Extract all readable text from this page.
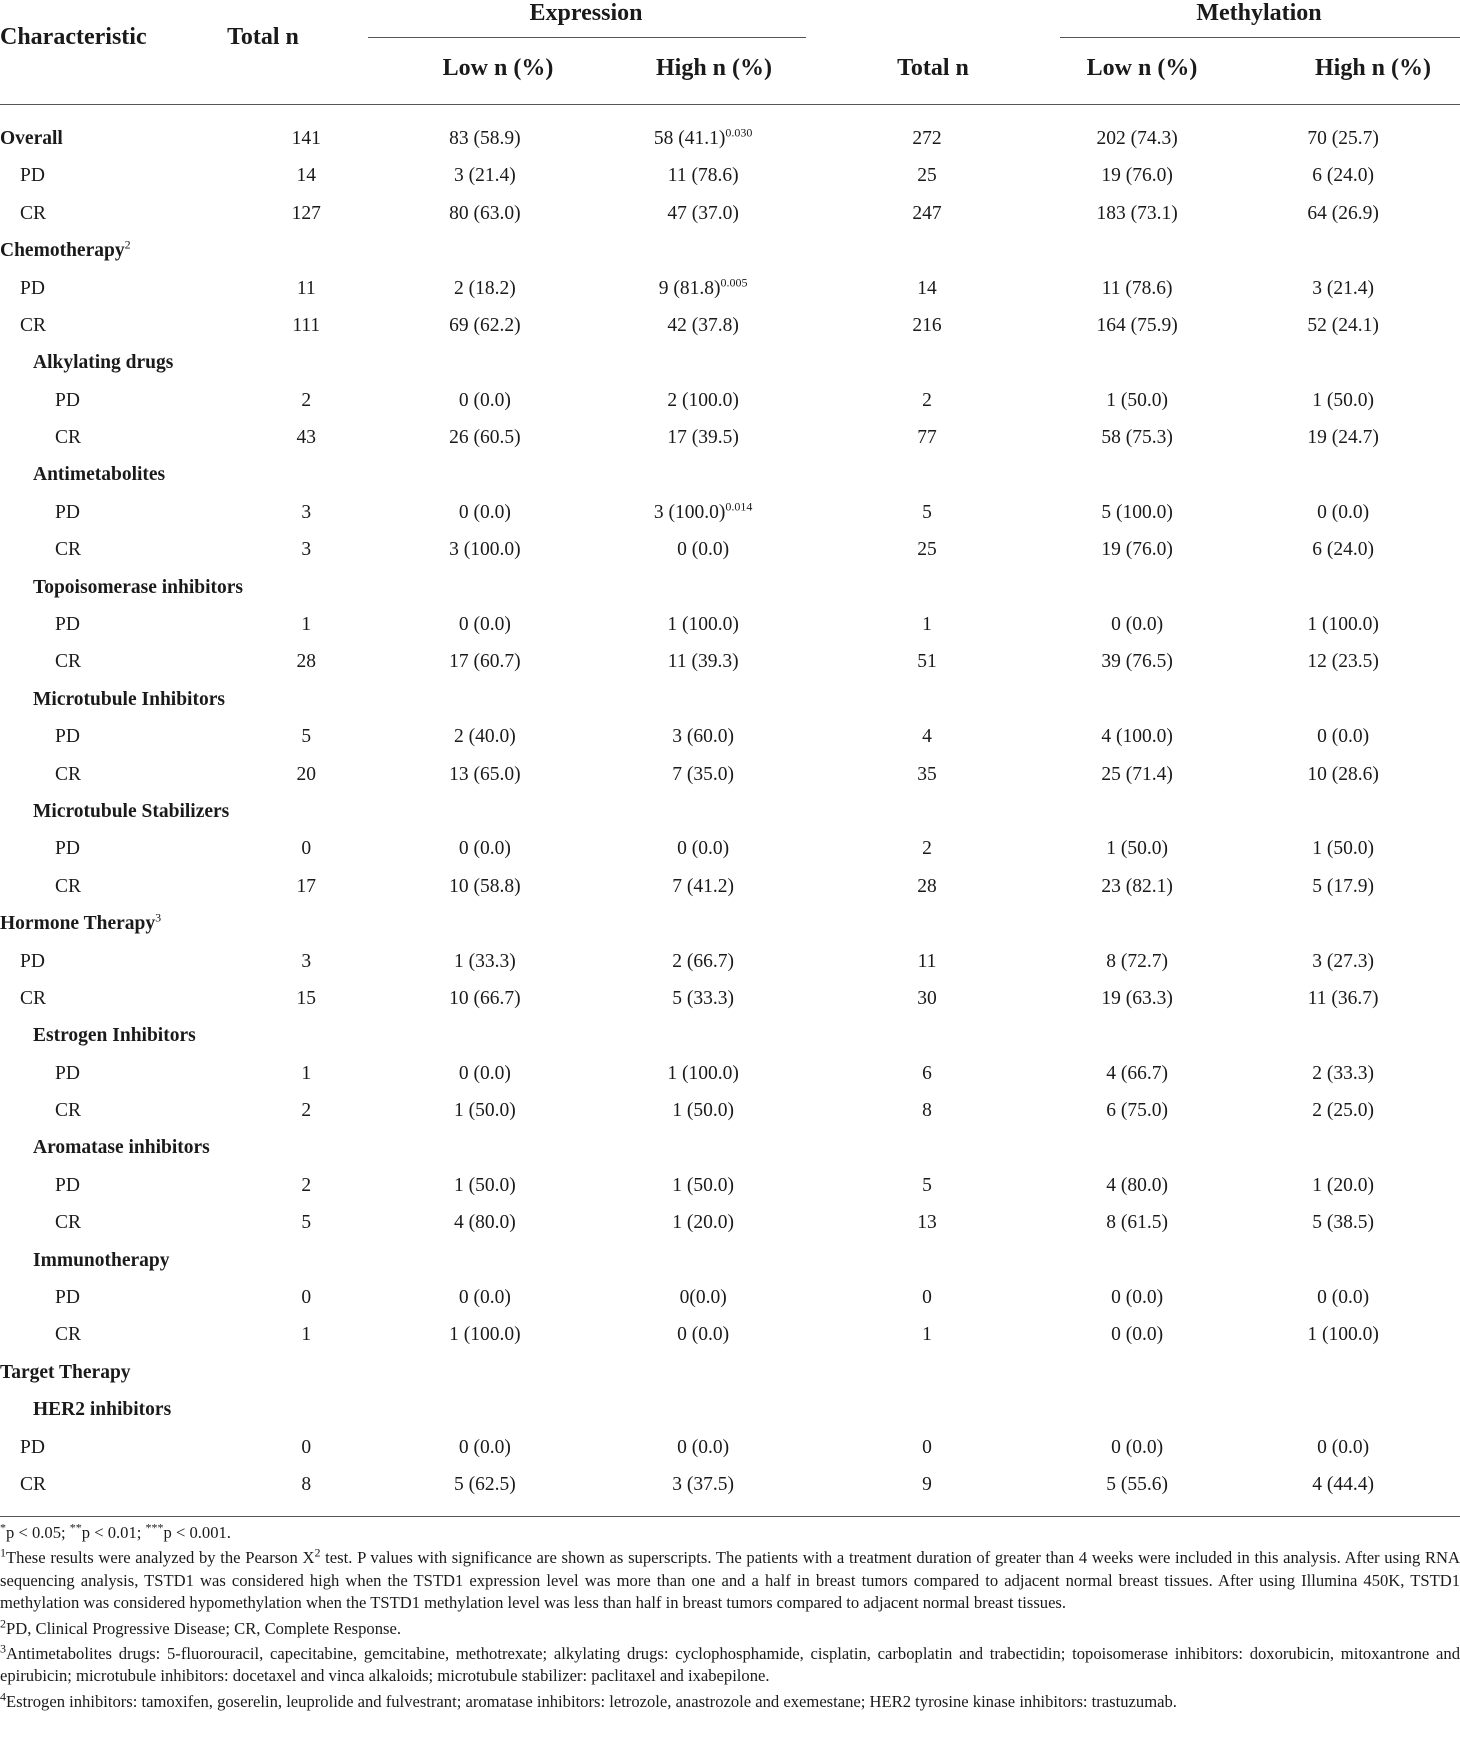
Characteristic
Expression	Methylation
Total n
Low n (%)	High n (%)	Total n	Low n (%)	High n (%)
Overall	141	83 (58.9)	58 $(41.1)^{0.030}$	272	202 (74.3)	70 (25.7)
PD	14	3 (21.4)	11 (78.6)	25	19 (76.0)	6 (24.0)
CR	127	80 (63.0)	47 (37.0)	247	183 (73.1)	64 (26.9)
Chemotherapy$^2$						
PD	11	2 (18.2)	9 $(81.8)^{0.005}$	14	11 (78.6)	3 (21.4)
CR	111	69 (62.2)	42 (37.8)	216	164 (75.9)	52 (24.1)
Alkylating drugs						
PD	2	0 (0.0)	2 (100.0)	2	1 (50.0)	1 (50.0)
CR	43	26 (60.5)	17 (39.5)	77	58 (75.3)	19 (24.7)
Antimetabolites						
PD	3	0 (0.0)	3 $(100.0)^{0.014}$	5	5 (100.0)	0 (0.0)
CR	3	3 (100.0)	0 (0.0)	25	19 (76.0)	6 (24.0)
Topoisomerase inhibitors						
PD	1	0 (0.0)	1 (100.0)	1	0 (0.0)	1 (100.0)
CR	28	17 (60.7)	11 (39.3)	51	39 (76.5)	12 (23.5)
Microtubule Inhibitors						
PD	5	2 (40.0)	3 (60.0)	4	4 (100.0)	0 (0.0)
CR	20	13 (65.0)	7 (35.0)	35	25 (71.4)	10 (28.6)
Microtubule Stabilizers						
PD	0	0 (0.0)	0 (0.0)	2	1 (50.0)	1 (50.0)
CR	17	10 (58.8)	7 (41.2)	28	23 (82.1)	5 (17.9)
Hormone Therapy$^3$						
PD	3	1 (33.3)	2 (66.7)	11	8 (72.7)	3 (27.3)
CR	15	10 (66.7)	5 (33.3)	30	19 (63.3)	11 (36.7)
Estrogen Inhibitors						
PD	1	0 (0.0)	1 (100.0)	6	4 (66.7)	2 (33.3)
CR	2	1 (50.0)	1 (50.0)	8	6 (75.0)	2 (25.0)
Aromatase inhibitors						
PD	2	1 (50.0)	1 (50.0)	5	4 (80.0)	1 (20.0)
CR	5	4 (80.0)	1 (20.0)	13	8 (61.5)	5 (38.5)
Immunotherapy						
PD	0	0 (0.0)	0(0.0)	0	0 (0.0)	0 (0.0)
CR	1	1 (100.0)	0 (0.0)	1	0 (0.0)	1 (100.0)
Target Therapy						
HER2 inhibitors						
PD	0	0 (0.0)	0 (0.0)	0	0 (0.0)	0 (0.0)
CR	8	5 (62.5)	3 (37.5)	9	5 (55.6)	4 (44.4)

*p < 0.05; **p < 0.01; ***p < 0.001.

$^1$These results were analyzed by the Pearson $X^2$ test. P values with significance are shown as superscripts. The patients with a treatment duration of greater than 4 weeks were included in this analysis. After using RNA sequencing analysis, TSTD1 was considered high when the TSTD1 expression level was more than one and a half in breast tumors compared to adjacent normal breast tissues. After using Illumina 450K, TSTD1 methylation was considered hypomethylation when the TSTD1 methylation level was less than half in breast tumors compared to adjacent normal breast tissues.

$^2$PD, Clinical Progressive Disease; CR, Complete Response.

$^3$Antimetabolites drugs: 5-fluorouracil, capecitabine, gemcitabine, methotrexate; alkylating drugs: cyclophosphamide, cisplatin, carboplatin and trabectidin; topoisomerase inhibitors: doxorubicin, mitoxantrone and epirubicin; microtubule inhibitors: docetaxel and vinca alkaloids; microtubule stabilizer: paclitaxel and ixabepilone.

$^4$Estrogen inhibitors: tamoxifen, goserelin, leuprolide and fulvestrant; aromatase inhibitors: letrozole, anastrozole and exemestane; HER2 tyrosine kinase inhibitors: trastuzumab.
